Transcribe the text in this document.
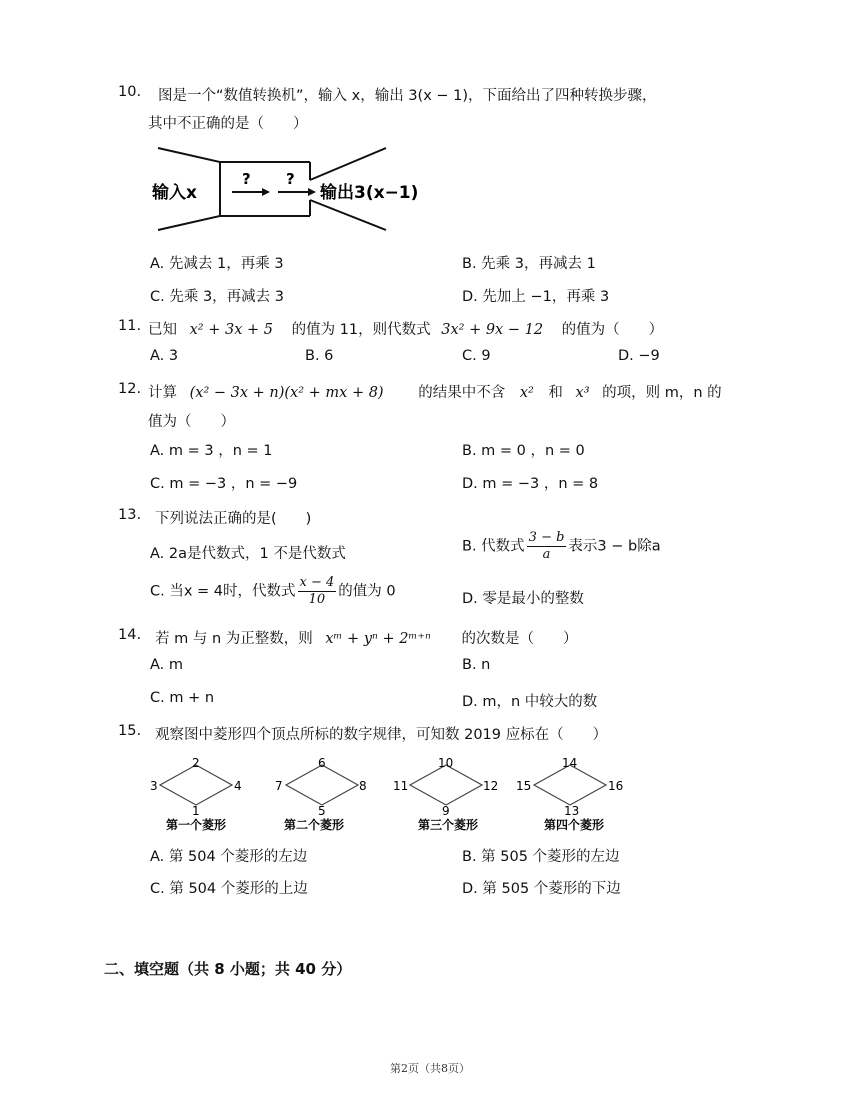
10. 图是一个“数值转换机”，输入 x，输出 3(x − 1)，下面给出了四种转换步骤，
其中不正确的是（　　）
输入x
? ?
输出3(x−1)
A. 先减去 1，再乘 3	B. 先乘 3，再减去 1
C. 先乘 3，再减去 3	D. 先加上 −1，再乘 3
11. 已知 x² + 3x + 5 的值为 11，则代数式 3x² + 9x − 12 的值为（　　）
A. 3	B. 6	C. 9	D. −9
12. 计算 (x² − 3x + n)(x² + mx + 8) 的结果中不含 x² 和 x³ 的项，则 m，n 的
值为（　　）
A. m = 3 ，n = 1	B. m = 0 ，n = 0
C. m = −3 ，n = −9	D. m = −3 ，n = 8
13. 下列说法正确的是(　　)
A. 2a是代数式，1 不是代数式	B. 代数式 $\frac{3 - b}{a}$ 表示3 − b除a
C. 当x = 4时，代数式 $\frac{x - 4}{10}$ 的值为 0	D. 零是最小的整数
14. 若 m 与 n 为正整数，则 xᵐ + yⁿ + 2ᵐ⁺ⁿ 的次数是（　　）
A. m	B. n
C. m + n	D. m，n 中较大的数
15. 观察图中菱形四个顶点所标的数字规律，可知数 2019 应标在（　　）
2
3	4
1
第一个菱形
6
7	8
5
第二个菱形
10
11	12
9
第三个菱形
14
15	16
13
第四个菱形
A. 第 504 个菱形的左边	B. 第 505 个菱形的左边
C. 第 504 个菱形的上边	D. 第 505 个菱形的下边
二、填空题（共 8 小题；共 40 分）
第2页（共8页）
